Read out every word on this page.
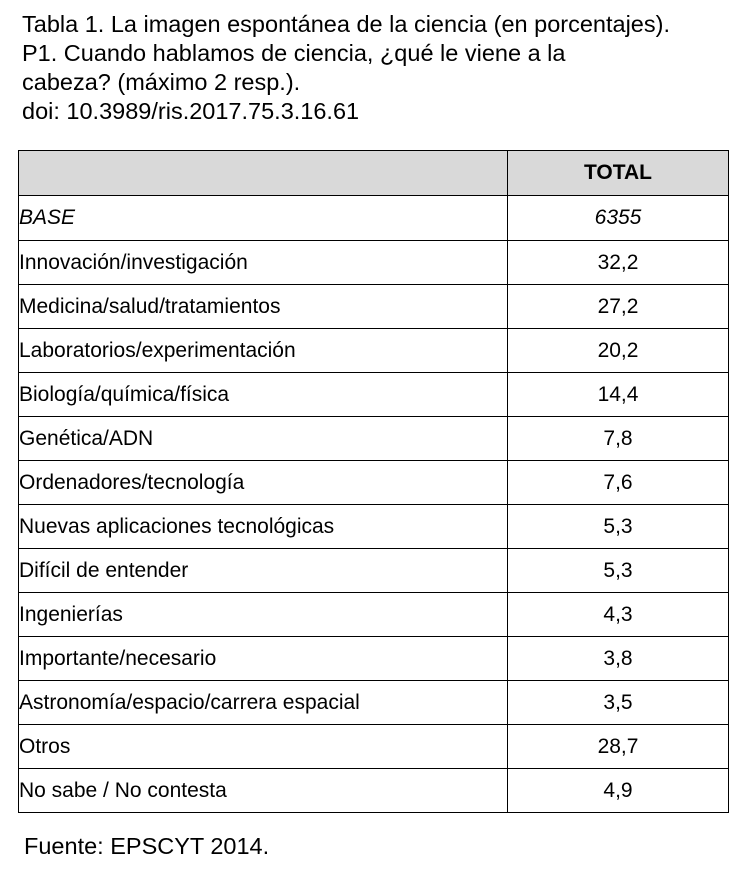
Tabla 1. La imagen espontánea de la ciencia (en porcentajes).
P1. Cuando hablamos de ciencia, ¿qué le viene a la
cabeza? (máximo 2 resp.).
doi: 10.3989/ris.2017.75.3.16.61
	TOTAL
BASE	6355
Innovación/investigación	32,2
Medicina/salud/tratamientos	27,2
Laboratorios/experimentación	20,2
Biología/química/física	14,4
Genética/ADN	7,8
Ordenadores/tecnología	7,6
Nuevas aplicaciones tecnológicas	5,3
Difícil de entender	5,3
Ingenierías	4,3
Importante/necesario	3,8
Astronomía/espacio/carrera espacial	3,5
Otros	28,7
No sabe / No contesta	4,9
Fuente: EPSCYT 2014.
